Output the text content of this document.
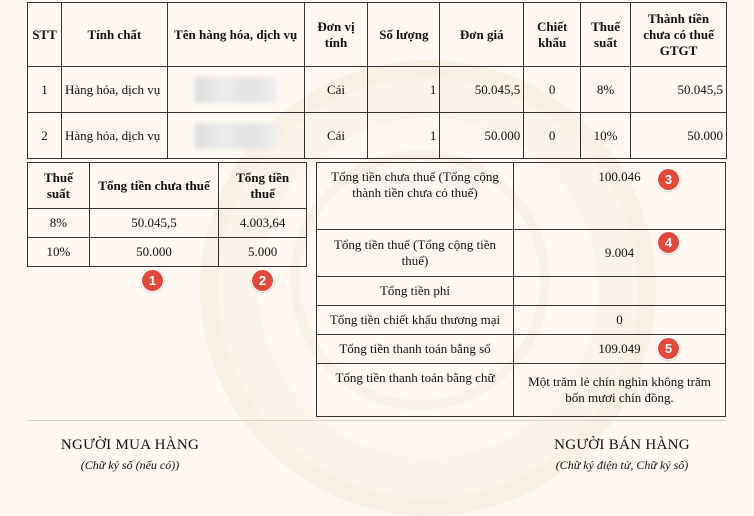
STT	Tính chất	Tên hàng hóa, dịch vụ	Đơn vị tính	Số lượng	Đơn giá	Chiết khấu	Thuế suất	Thành tiền chưa có thuế GTGT
1	Hàng hóa, dịch vụ		Cái	1	50.045,5	0	8%	50.045,5
2	Hàng hóa, dịch vụ		Cái	1	50.000	0	10%	50.000
Thuế suất	Tổng tiền chưa thuế	Tổng tiền thuế
8%	50.045,5	4.003,64
10%	50.000	5.000
Tổng tiền chưa thuế (Tổng cộng thành tiền chưa có thuế)	100.046
Tổng tiền thuế (Tổng cộng tiền thuế)	9.004
Tổng tiền phí	
Tổng tiền chiết khấu thương mại	0
Tổng tiền thanh toán bằng số	109.049
Tổng tiền thanh toán bằng chữ	Một trăm lẻ chín nghìn không trăm bốn mươi chín đồng.
1	2
3
4
5
NGƯỜI MUA HÀNG
(Chữ ký số (nếu có))
NGƯỜI BÁN HÀNG
(Chữ ký điện tử, Chữ ký số)
